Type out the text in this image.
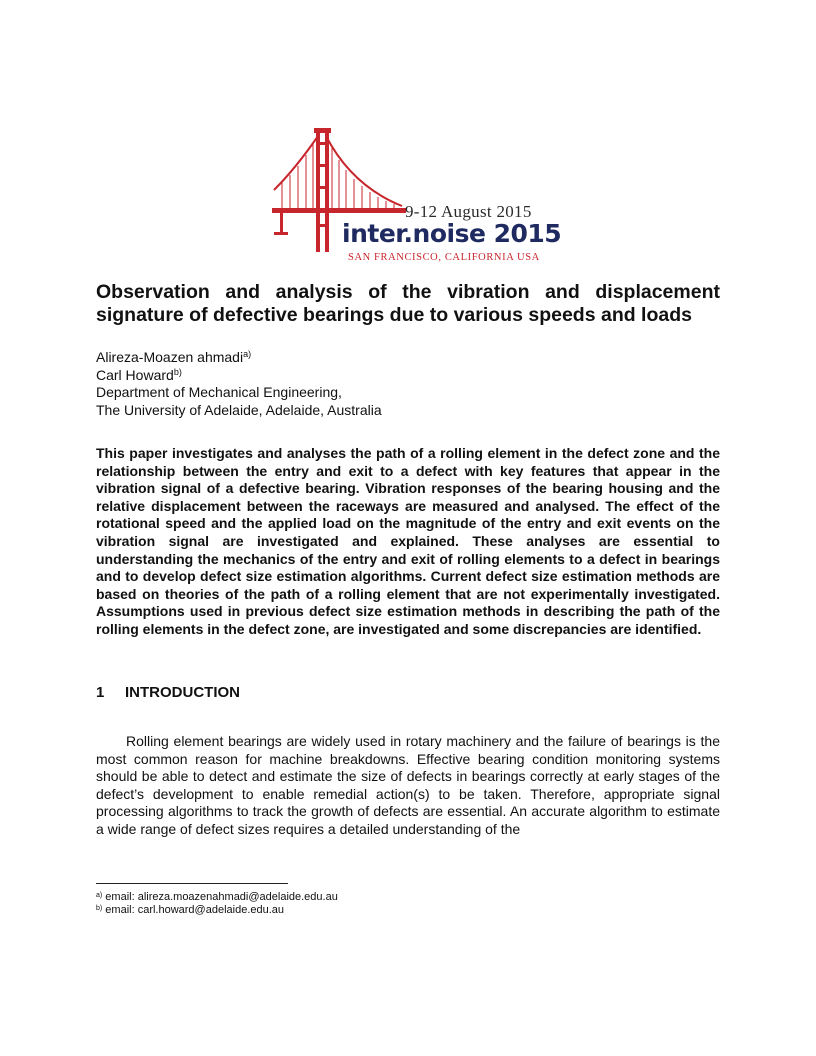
9-12 August 2015
inter.noise 2015
SAN FRANCISCO, CALIFORNIA USA
Observation and analysis of the vibration and displacement
signature of defective bearings due to various speeds and loads
Alireza-Moazen ahmadi$^{a)}$
Carl Howard$^{b)}$
Department of Mechanical Engineering,
The University of Adelaide, Adelaide, Australia

This paper investigates and analyses the path of a rolling element in the defect zone and the relationship between the entry and exit to a defect with key features that appear in the vibration signal of a defective bearing. Vibration responses of the bearing housing and the relative displacement between the raceways are measured and analysed. The effect of the rotational speed and the applied load on the magnitude of the entry and exit events on the vibration signal are investigated and explained. These analyses are essential to understanding the mechanics of the entry and exit of rolling elements to a defect in bearings and to develop defect size estimation algorithms. Current defect size estimation methods are based on theories of the path of a rolling element that are not experimentally investigated. Assumptions used in previous defect size estimation methods in describing the path of the rolling elements in the defect zone, are investigated and some discrepancies are identified.

1 INTRODUCTION

Rolling element bearings are widely used in rotary machinery and the failure of bearings is the most common reason for machine breakdowns. Effective bearing condition monitoring systems should be able to detect and estimate the size of defects in bearings correctly at early stages of the defect’s development to enable remedial action(s) to be taken. Therefore, appropriate signal processing algorithms to track the growth of defects are essential. An accurate algorithm to estimate a wide range of defect sizes requires a detailed understanding of the

$^{a)}$ email: alireza.moazenahmadi@adelaide.edu.au
$^{b)}$ email: carl.howard@adelaide.edu.au
